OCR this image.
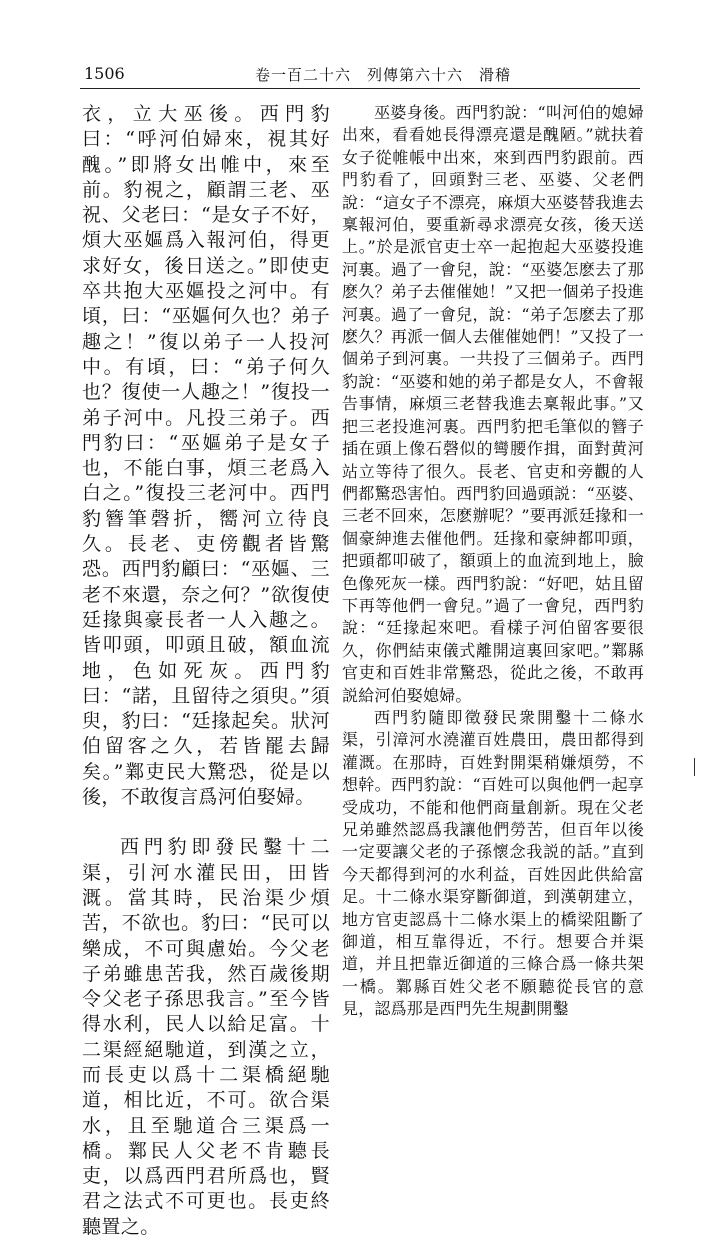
1506	卷一百二十六　列傳第六十六　滑稽

衣，立大巫後。西門豹曰：“呼河伯婦來，視其好醜。”即將女出帷中，來至前。豹視之，顧謂三老、巫祝、父老曰：“是女子不好，煩大巫嫗爲入報河伯，得更求好女，後日送之。”即使吏卒共抱大巫嫗投之河中。有頃，曰：“巫嫗何久也？弟子趣之！”復以弟子一人投河中。有頃，曰：“弟子何久也？復使一人趣之！”復投一弟子河中。凡投三弟子。西門豹曰：“巫嫗弟子是女子也，不能白事，煩三老爲入白之。”復投三老河中。西門豹簪筆磬折，嚮河立待良久。長老、吏傍觀者皆驚恐。西門豹顧曰：“巫嫗、三老不來還，奈之何？”欲復使廷掾與豪長者一人入趣之。皆叩頭，叩頭且破，額血流地，色如死灰。西門豹曰：“諾，且留待之須臾。”須臾，豹曰：“廷掾起矣。狀河伯留客之久，若皆罷去歸矣。”鄴吏民大驚恐，從是以後，不敢復言爲河伯娶婦。

西門豹即發民鑿十二渠，引河水灌民田，田皆溉。當其時，民治渠少煩苦，不欲也。豹曰：“民可以樂成，不可與慮始。今父老子弟雖患苦我，然百歲後期令父老子孫思我言。”至今皆得水利，民人以給足富。十二渠經絕馳道，到漢之立，而長吏以爲十二渠橋絕馳道，相比近，不可。欲合渠水，且至馳道合三渠爲一橋。鄴民人父老不肯聽長吏，以爲西門君所爲也，賢君之法式不可更也。長吏終聽置之。

巫婆身後。西門豹說：“叫河伯的媳婦出來，看看她長得漂亮還是醜陋。”就扶着女子從帷帳中出來，來到西門豹跟前。西門豹看了，回頭對三老、巫婆、父老們說：“這女子不漂亮，麻煩大巫婆替我進去稟報河伯，要重新尋求漂亮女孩，後天送上。”於是派官吏士卒一起抱起大巫婆投進河裏。過了一會兒，說：“巫婆怎麽去了那麽久？弟子去催催她！”又把一個弟子投進河裏。過了一會兒，說：“弟子怎麽去了那麽久？再派一個人去催催她們！”又投了一個弟子到河裏。一共投了三個弟子。西門豹說：“巫婆和她的弟子都是女人，不會報告事情，麻煩三老替我進去稟報此事。”又把三老投進河裏。西門豹把毛筆似的簪子插在頭上像石磬似的彎腰作揖，面對黄河站立等待了很久。長老、官吏和旁觀的人們都驚恐害怕。西門豹回過頭説：“巫婆、三老不回來，怎麽辦呢？”要再派廷掾和一個豪紳進去催他們。廷掾和豪紳都叩頭，把頭都叩破了，額頭上的血流到地上，臉色像死灰一樣。西門豹說：“好吧，姑且留下再等他們一會兒。”過了一會兒，西門豹說：“廷掾起來吧。看樣子河伯留客要很久，你們結束儀式離開這裏回家吧。”鄴縣官吏和百姓非常驚恐，從此之後，不敢再説給河伯娶媳婦。

西門豹隨即徵發民衆開鑿十二條水渠，引漳河水澆灌百姓農田，農田都得到灌溉。在那時，百姓對開渠稍嫌煩勞，不想幹。西門豹說：“百姓可以與他們一起享受成功，不能和他們商量創新。現在父老兄弟雖然認爲我讓他們勞苦，但百年以後一定要讓父老的子孫懷念我説的話。”直到今天都得到河的水利益，百姓因此供給富足。十二條水渠穿斷御道，到漢朝建立，地方官吏認爲十二條水渠上的橋梁阻斷了御道，相互靠得近，不行。想要合并渠道，并且把靠近御道的三條合爲一條共架一橋。鄴縣百姓父老不願聽從長官的意見，認爲那是西門先生規劃開鑿
